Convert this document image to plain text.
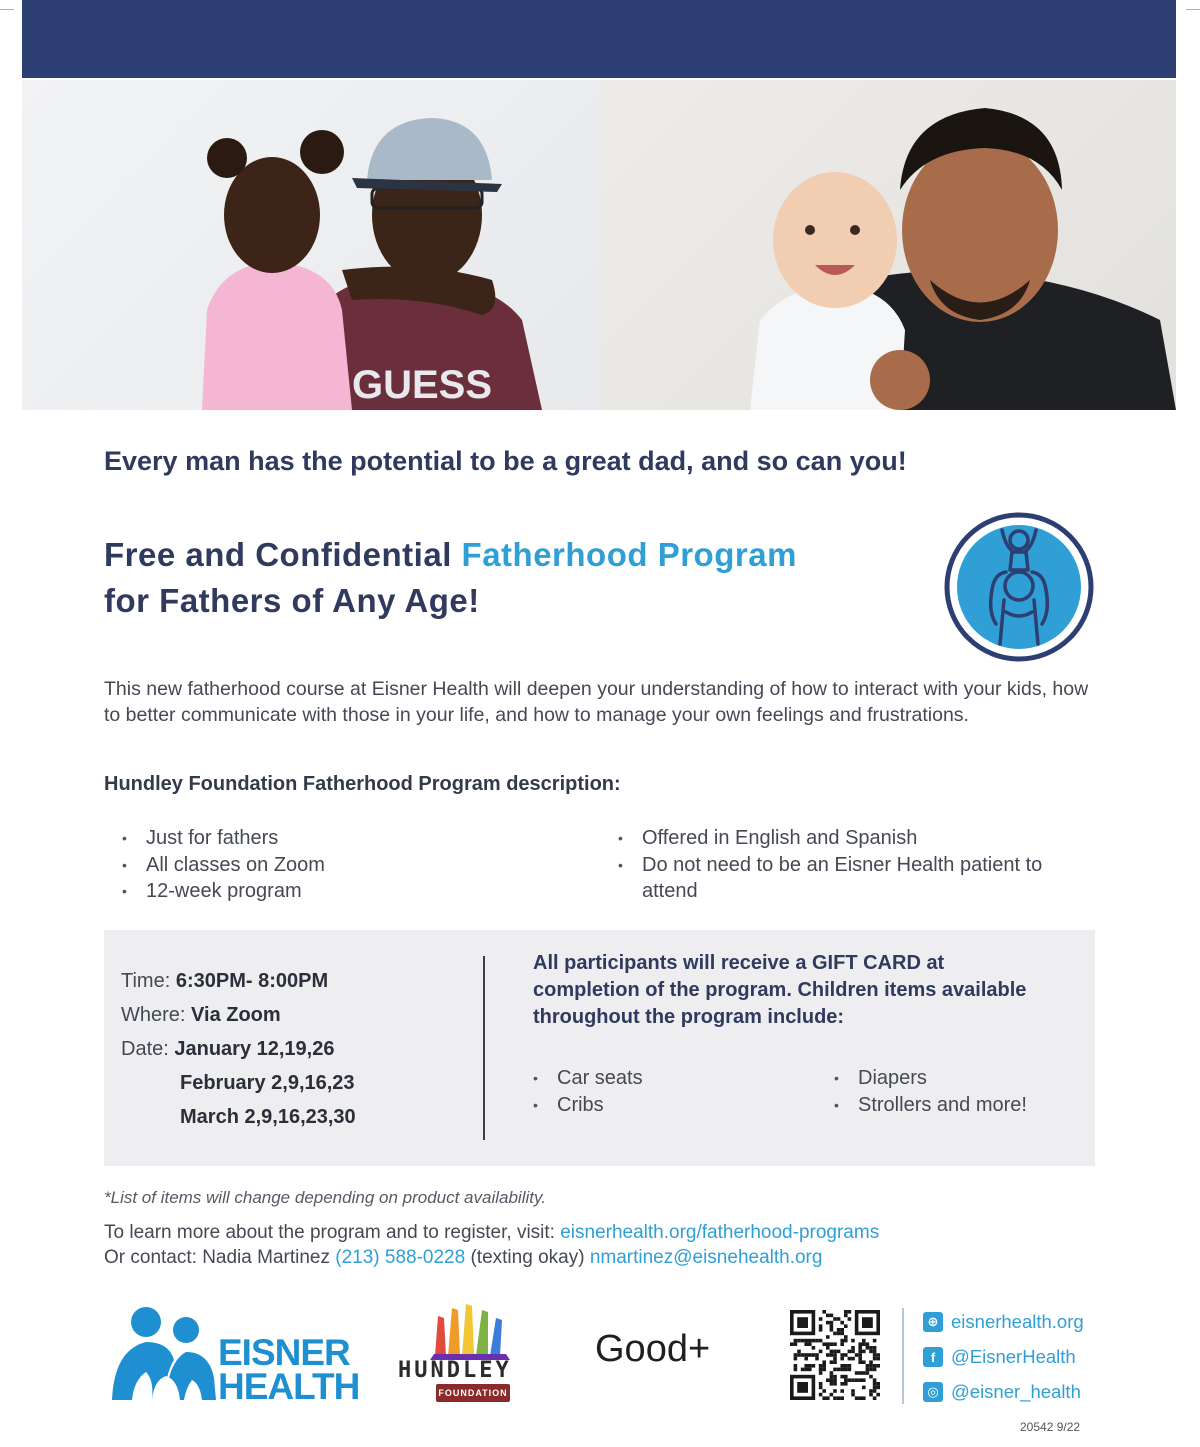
GUESS
Every man has the potential to be a great dad, and so can you!
Free and Confidential Fatherhood Program
for Fathers of Any Age!
This new fatherhood course at Eisner Health will deepen your understanding of how to interact with your kids, how to better communicate with those in your life, and how to manage your own feelings and frustrations.
Hundley Foundation Fatherhood Program description:
• Just for fathers
• All classes on Zoom
• 12-week program
• Offered in English and Spanish
• Do not need to be an Eisner Health patient to attend
Time: 6:30PM- 8:00PM
Where: Via Zoom
Date: January 12,19,26
February 2,9,16,23
March 2,9,16,23,30
All participants will receive a GIFT CARD at completion of the program. Children items available throughout the program include:
• Car seats
• Cribs
• Diapers
• Strollers and more!
*List of items will change depending on product availability.
To learn more about the program and to register, visit: eisnerhealth.org/fatherhood-programs
Or contact: Nadia Martinez (213) 588-0228 (texting okay) nmartinez@eisnehealth.org
EISNER
HEALTH HUNDLEY
FOUNDATION
Good+
⊕ eisnerhealth.org
f @EisnerHealth
◎ @eisner_health
20542 9/22
